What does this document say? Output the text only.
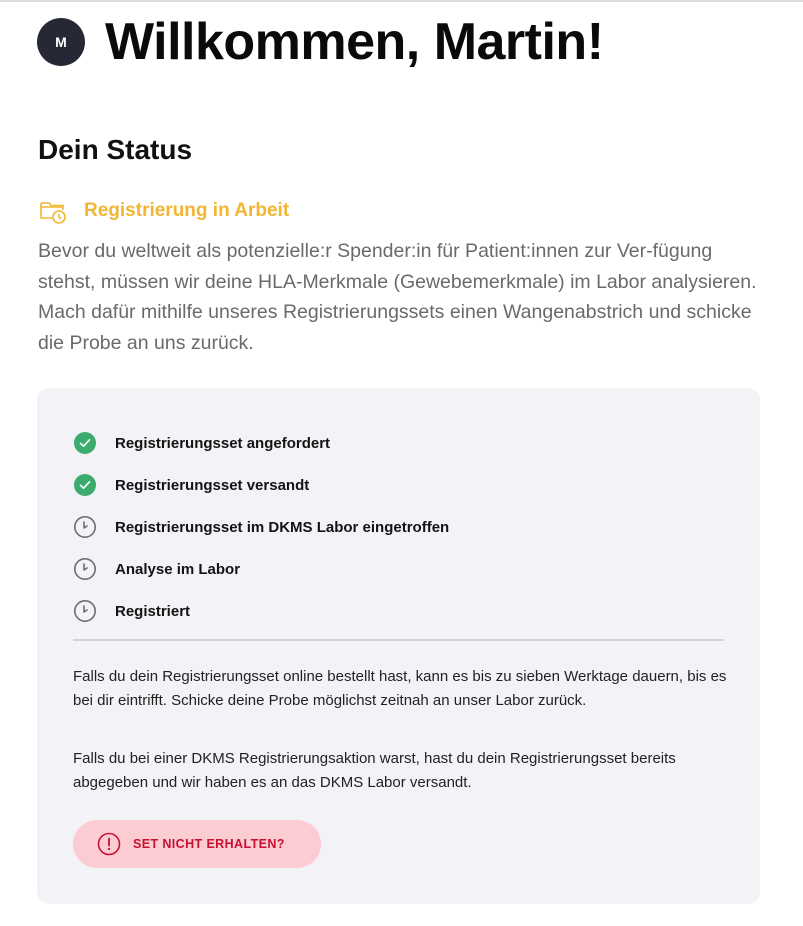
M Willkommen, Martin!
Dein Status
Registrierung in Arbeit

Bevor du weltweit als potenzielle:r Spender:in für Patient:innen zur Ver-fügung stehst, müssen wir deine HLA-Merkmale (Gewebemerkmale) im Labor analysieren. Mach dafür mithilfe unseres Registrierungssets einen Wangenabstrich und schicke die Probe an uns zurück.

Registrierungsset angefordert
Registrierungsset versandt
Registrierungsset im DKMS Labor eingetroffen
Analyse im Labor
Registriert

Falls du dein Registrierungsset online bestellt hast, kann es bis zu sieben Werktage dauern, bis es bei dir eintrifft. Schicke deine Probe möglichst zeitnah an unser Labor zurück.

Falls du bei einer DKMS Registrierungsaktion warst, hast du dein Registrierungsset bereits abgegeben und wir haben es an das DKMS Labor versandt.

SET NICHT ERHALTEN?
